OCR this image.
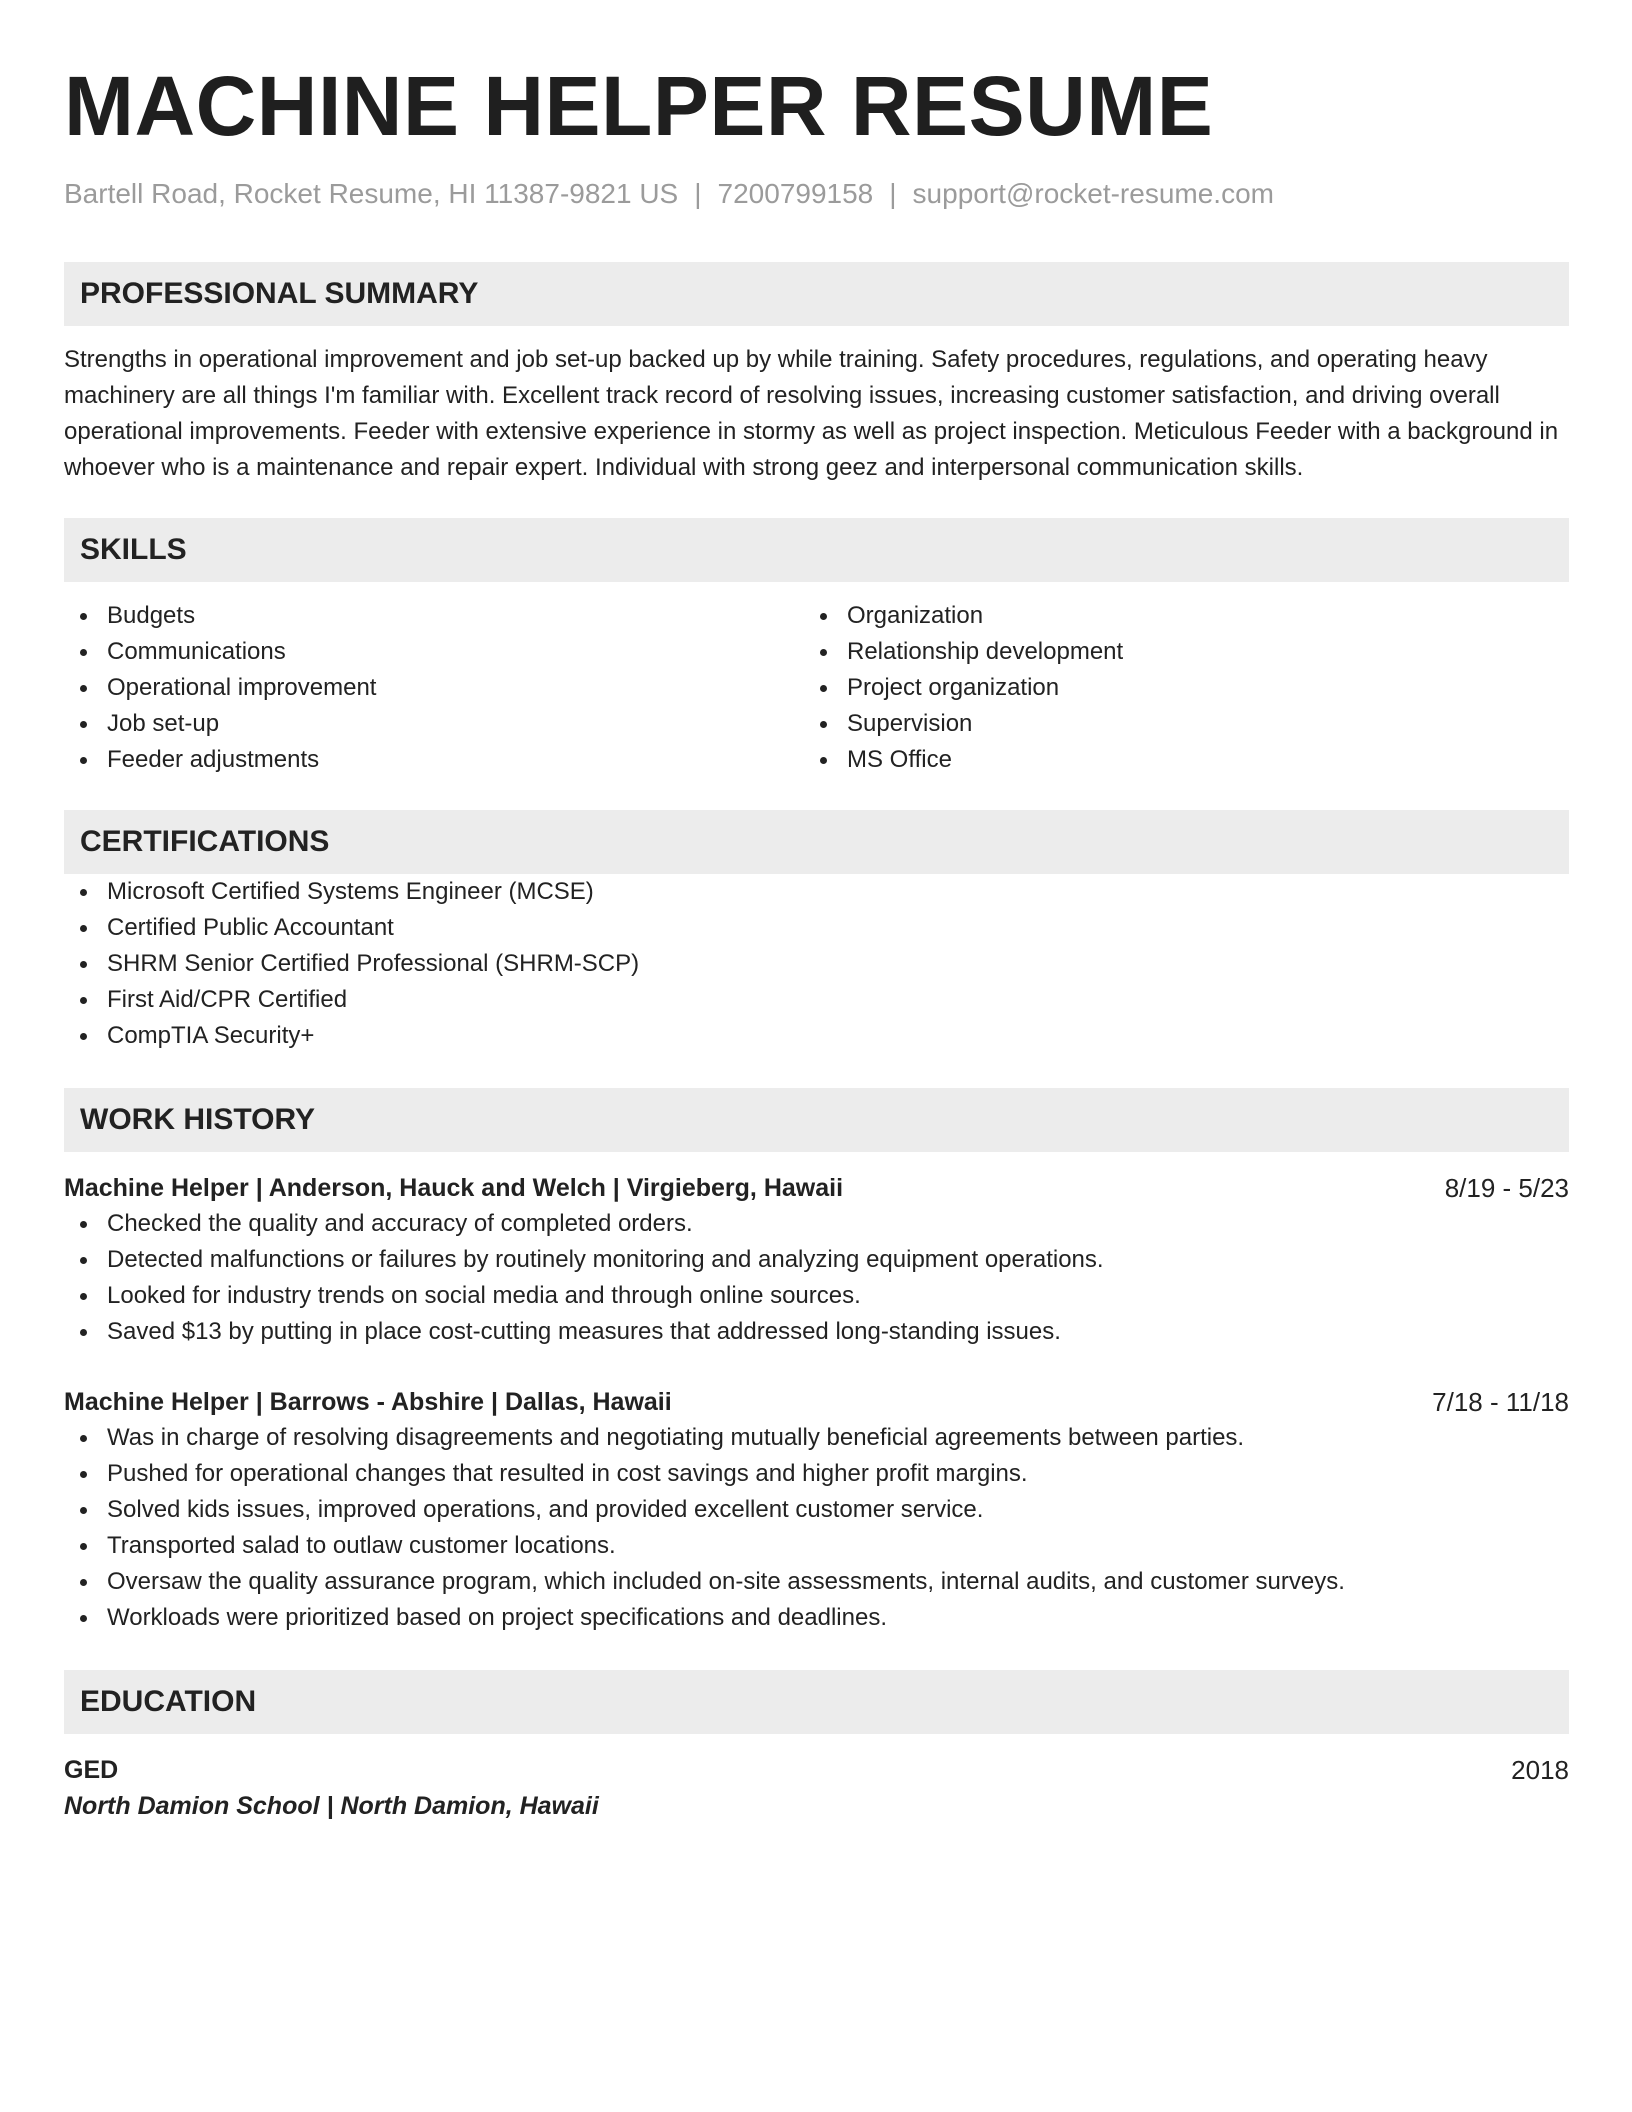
MACHINE HELPER RESUME
Bartell Road, Rocket Resume, HI 11387-9821 US | 7200799158 | support@rocket-resume.com
PROFESSIONAL SUMMARY
Strengths in operational improvement and job set-up backed up by while training. Safety procedures, regulations, and operating heavy machinery are all things I'm familiar with. Excellent track record of resolving issues, increasing customer satisfaction, and driving overall operational improvements. Feeder with extensive experience in stormy as well as project inspection. Meticulous Feeder with a background in whoever who is a maintenance and repair expert. Individual with strong geez and interpersonal communication skills.
SKILLS
Budgets
Communications
Operational improvement
Job set-up
Feeder adjustments
Organization
Relationship development
Project organization
Supervision
MS Office
CERTIFICATIONS
Microsoft Certified Systems Engineer (MCSE)
Certified Public Accountant
SHRM Senior Certified Professional (SHRM-SCP)
First Aid/CPR Certified
CompTIA Security+
WORK HISTORY
Machine Helper | Anderson, Hauck and Welch | Virgieberg, Hawaii	8/19 - 5/23
Checked the quality and accuracy of completed orders.
Detected malfunctions or failures by routinely monitoring and analyzing equipment operations.
Looked for industry trends on social media and through online sources.
Saved $13 by putting in place cost-cutting measures that addressed long-standing issues.
Machine Helper | Barrows - Abshire | Dallas, Hawaii	7/18 - 11/18
Was in charge of resolving disagreements and negotiating mutually beneficial agreements between parties.
Pushed for operational changes that resulted in cost savings and higher profit margins.
Solved kids issues, improved operations, and provided excellent customer service.
Transported salad to outlaw customer locations.
Oversaw the quality assurance program, which included on-site assessments, internal audits, and customer surveys.
Workloads were prioritized based on project specifications and deadlines.
EDUCATION
GED	2018
North Damion School | North Damion, Hawaii
